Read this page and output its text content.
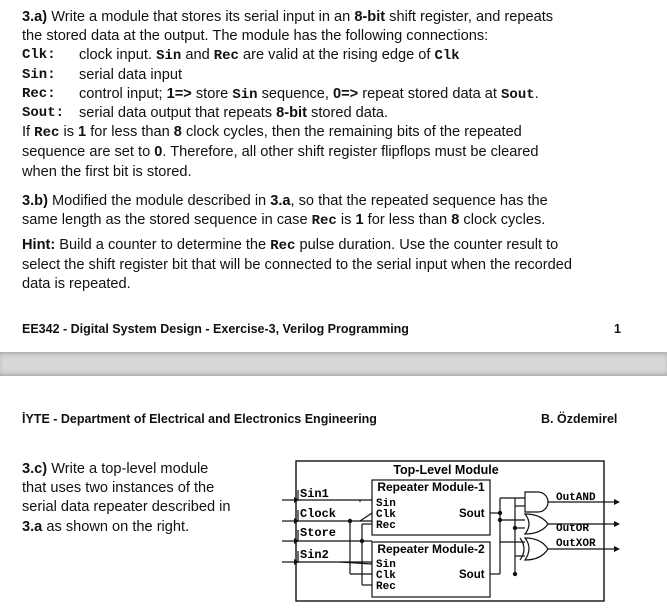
3.a) Write a module that stores its serial input in an 8-bit shift register, and repeats
the stored data at the output. The module has the following connections:
Clk: clock input. Sin and Rec are valid at the rising edge of Clk
Sin: serial data input
Rec: control input; 1=> store Sin sequence, 0=> repeat stored data at Sout.
Sout: serial data output that repeats 8-bit stored data.
If Rec is 1 for less than 8 clock cycles, then the remaining bits of the repeated
sequence are set to 0. Therefore, all other shift register flipflops must be cleared
when the first bit is stored.
3.b) Modified the module described in 3.a, so that the repeated sequence has the
same length as the stored sequence in case Rec is 1 for less than 8 clock cycles.
Hint: Build a counter to determine the Rec pulse duration. Use the counter result to
select the shift register bit that will be connected to the serial input when the recorded
data is repeated.
EE342 - Digital System Design - Exercise-3, Verilog Programming	1
İYTE - Department of Electrical and Electronics Engineering	B. Özdemirel
3.c) Write a top-level module
that uses two instances of the
serial data repeater described in
3.a as shown on the right.
Top-Level Module
Repeater Module-1
Sin
Clk
Rec
Sout
Repeater Module-2
Sin
Clk
Rec
Sout
Sin1
Clock
Store
Sin2
OutAND
OutOR
OutXOR
